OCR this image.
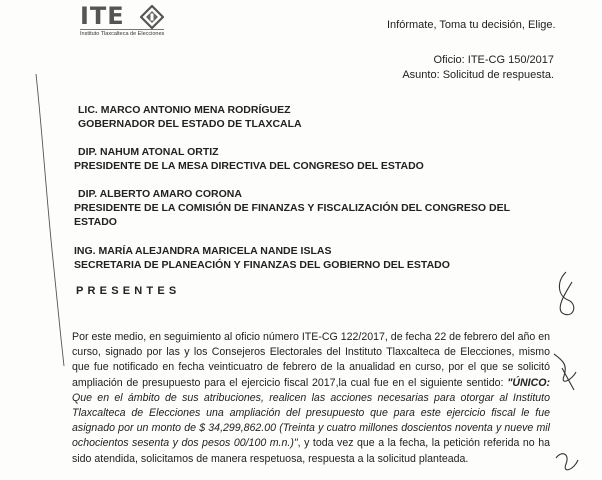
ITE
Instituto Tlaxcalteca de Elecciones
Infórmate, Toma tu decisión, Elige.
Oficio: ITE-CG 150/2017
Asunto: Solicitud de respuesta.
LIC. MARCO ANTONIO MENA RODRÍGUEZ
GOBERNADOR DEL ESTADO DE TLAXCALA
DIP. NAHUM ATONAL ORTIZ
PRESIDENTE DE LA MESA DIRECTIVA DEL CONGRESO DEL ESTADO
DIP. ALBERTO AMARO CORONA
PRESIDENTE DE LA COMISIÓN DE FINANZAS Y FISCALIZACIÓN DEL CONGRESO DEL ESTADO
ING. MARÍA ALEJANDRA MARICELA NANDE ISLAS
SECRETARIA DE PLANEACIÓN Y FINANZAS DEL GOBIERNO DEL ESTADO
PRESENTES
Por este medio, en seguimiento al oficio número ITE-CG 122/2017, de fecha 22 de febrero del año en curso, signado por las y los Consejeros Electorales del Instituto Tlaxcalteca de Elecciones, mismo que fue notificado en fecha veinticuatro de febrero de la anualidad en curso, por el que se solicitó ampliación de presupuesto para el ejercicio fiscal 2017,la cual fue en el siguiente sentido: "ÚNICO: Que en el ámbito de sus atribuciones, realicen las acciones necesarias para otorgar al Instituto Tlaxcalteca de Elecciones una ampliación del presupuesto que para este ejercicio fiscal le fue asignado por un monto de $ 34,299,862.00 (Treinta y cuatro millones doscientos noventa y nueve mil ochocientos sesenta y dos pesos 00/100 m.n.)", y toda vez que a la fecha, la petición referida no ha sido atendida, solicitamos de manera respetuosa, respuesta a la solicitud planteada.
